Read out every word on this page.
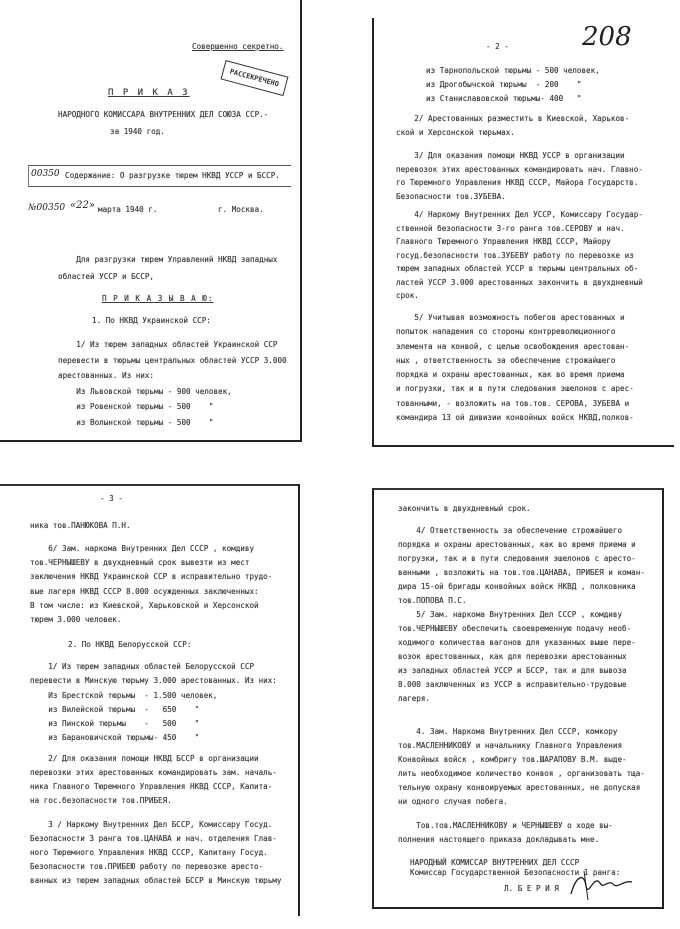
Совершенно секретно.
РАССЕКРЕЧЕНО
П Р И К А З
НАРОДНОГО КОМИССАРА ВНУТРЕННИХ ДЕЛ СОЮЗА ССР.-
за 1940 год.
00350 Содержание: О разгрузке тюрем НКВД УССР и БССР.
№00350 «22» марта 1940 г.	г. Москва.
Для разгрузки тюрем Управлений НКВД западных
областей УССР и БССР,
П Р И К А З Ы В А Ю:
1. По НКВД Украинской ССР:
1/ Из тюрем западных областей Украинской ССР
перевести в тюрьмы центральных областей УССР 3.000
арестованных. Из них:
Из Львовской тюрьмы - 900 человек,
из Ровенской тюрьмы - 500    "
из Волынской тюрьмы - 500    "
- 2 -	208
из Тарнопольской тюрьмы - 500 человек,
из Дрогобычской тюрьмы  - 200    "
из Станиславовской тюрьмы- 400   "
2/ Арестованных разместить в Киевской, Харьков-
ской и Херсонской тюрьмах.
3/ Для оказания помощи НКВД УССР в организации
перевозок этих арестованных командировать нач. Главно-
го Тюремного Управления НКВД СССР, Майора Государств.
Безопасности тов.ЗУБЕВА.
4/ Наркому Внутренних Дел УССР, Комиссару Государ-
ственной безопасности 3-го ранга тов.СЕРОВУ и нач.
Главного Тюремного Управления НКВД СССР, Майору
госуд.безопасности тов.ЗУБЕВУ работу по перевозке из
тюрем западных областей УССР в тюрьмы центральных об-
ластей УССР 3.000 арестованных закончить в двухдневный
срок.
5/ Учитывая возможность побегов арестованных и
попыток нападения со стороны контрреволюционного
элемента на конвой, с целью освобождения арестован-
ных , ответственность за обеспечение строжайшего
порядка и охраны арестованных, как во время приема
и погрузки, так и в пути следования эшелонов с арес-
тованными, - возложить на тов.тов. СЕРОВА, ЗУБЕВА и
командира 13 ой дивизии конвойных войск НКВД,полков-
- 3 -
ника тов.ПАНЮКОВА П.Н.
6/ Зам. наркома Внутренних Дел СССР , комдиву
тов.ЧЕРНЫШЕВУ в двухдневный срок вывезти из мест
заключения НКВД Украинской ССР в исправительно трудо-
вые лагеря НКВД СССР 8.000 осужденных заключенных:
В том числе: из Киевской, Харьковской и Херсонской
тюрем 3.000 человек.
2. По НКВД Белорусской ССР:
1/ Из тюрем западных областей Белорусской ССР
перевести в Минскую тюрьму 3.000 арестованных. Из них:
Из Брестской тюрьмы  - 1.500 человек,
из Вилейской тюрьмы  -   650    "
из Пинской тюрьмы    -   500    "
из Барановичской тюрьмы- 450    "
2/ Для оказания помощи НКВД БССР в организации
перевозки этих арестованных командировать зам. началь-
ника Главного Тюремного Управления НКВД СССР, Капита-
на гос.безопасности тов.ПРИБЕЯ.
3 / Наркому Внутренних Дел БССР, Комиссару Госуд.
Безопасности 3 ранга тов.ЦАНАВА и нач. отделения Глав-
ного Тюремного Управления НКВД СССР, Капитану Госуд.
Безопасности тов.ПРИБЕЮ работу по перевозке аресто-
ванных из тюрем западных областей БССР в Минскую тюрьму
закончить в двухдневный срок.
4/ Ответственность за обеспечение строжайшего
порядка и охраны арестованных, как во время приема и
погрузки, так и в пути следования эшелонов с аресто-
ванными , возложить на тов.тов.ЦАНАВА, ПРИБЕЯ и коман-
дира 15-ой бригады конвойных войск НКВД , полковника
тов.ПОПОВА П.С.
5/ Зам. наркома Внутренних Дел СССР , комдиву
тов.ЧЕРНЫШЕВУ обеспечить своевременную подачу необ-
ходимого количества вагонов для указанных выше пере-
возок арестованных, как для перевозки арестованных
из западных областей УССР и БССР, так и для вывоза
8.000 заключенных из УССР в исправительно-трудовые
лагеря.
4. Зам. Наркома Внутренних Дел СССР, комкору
тов.МАСЛЕННИКОВУ и начальнику Главного Управления
Конвойных войск , комбригу тов.ШАРАПОВУ В.М. выде-
лить необходимое количество конвоя , организовать тща-
тельную охрану конвоируемых арестованных, не допуская
ни одного случая побега.
Тов.тов.МАСЛЕННИКОВУ и ЧЕРНЫШЕВУ о ходе вы-
полнения настоящего приказа докладывать мне.
НАРОДНЫЙ КОМИССАР ВНУТРЕННИХ ДЕЛ СССР
Комиссар Государственной Безопасности 1 ранга:
Л. Б Е Р И Я
